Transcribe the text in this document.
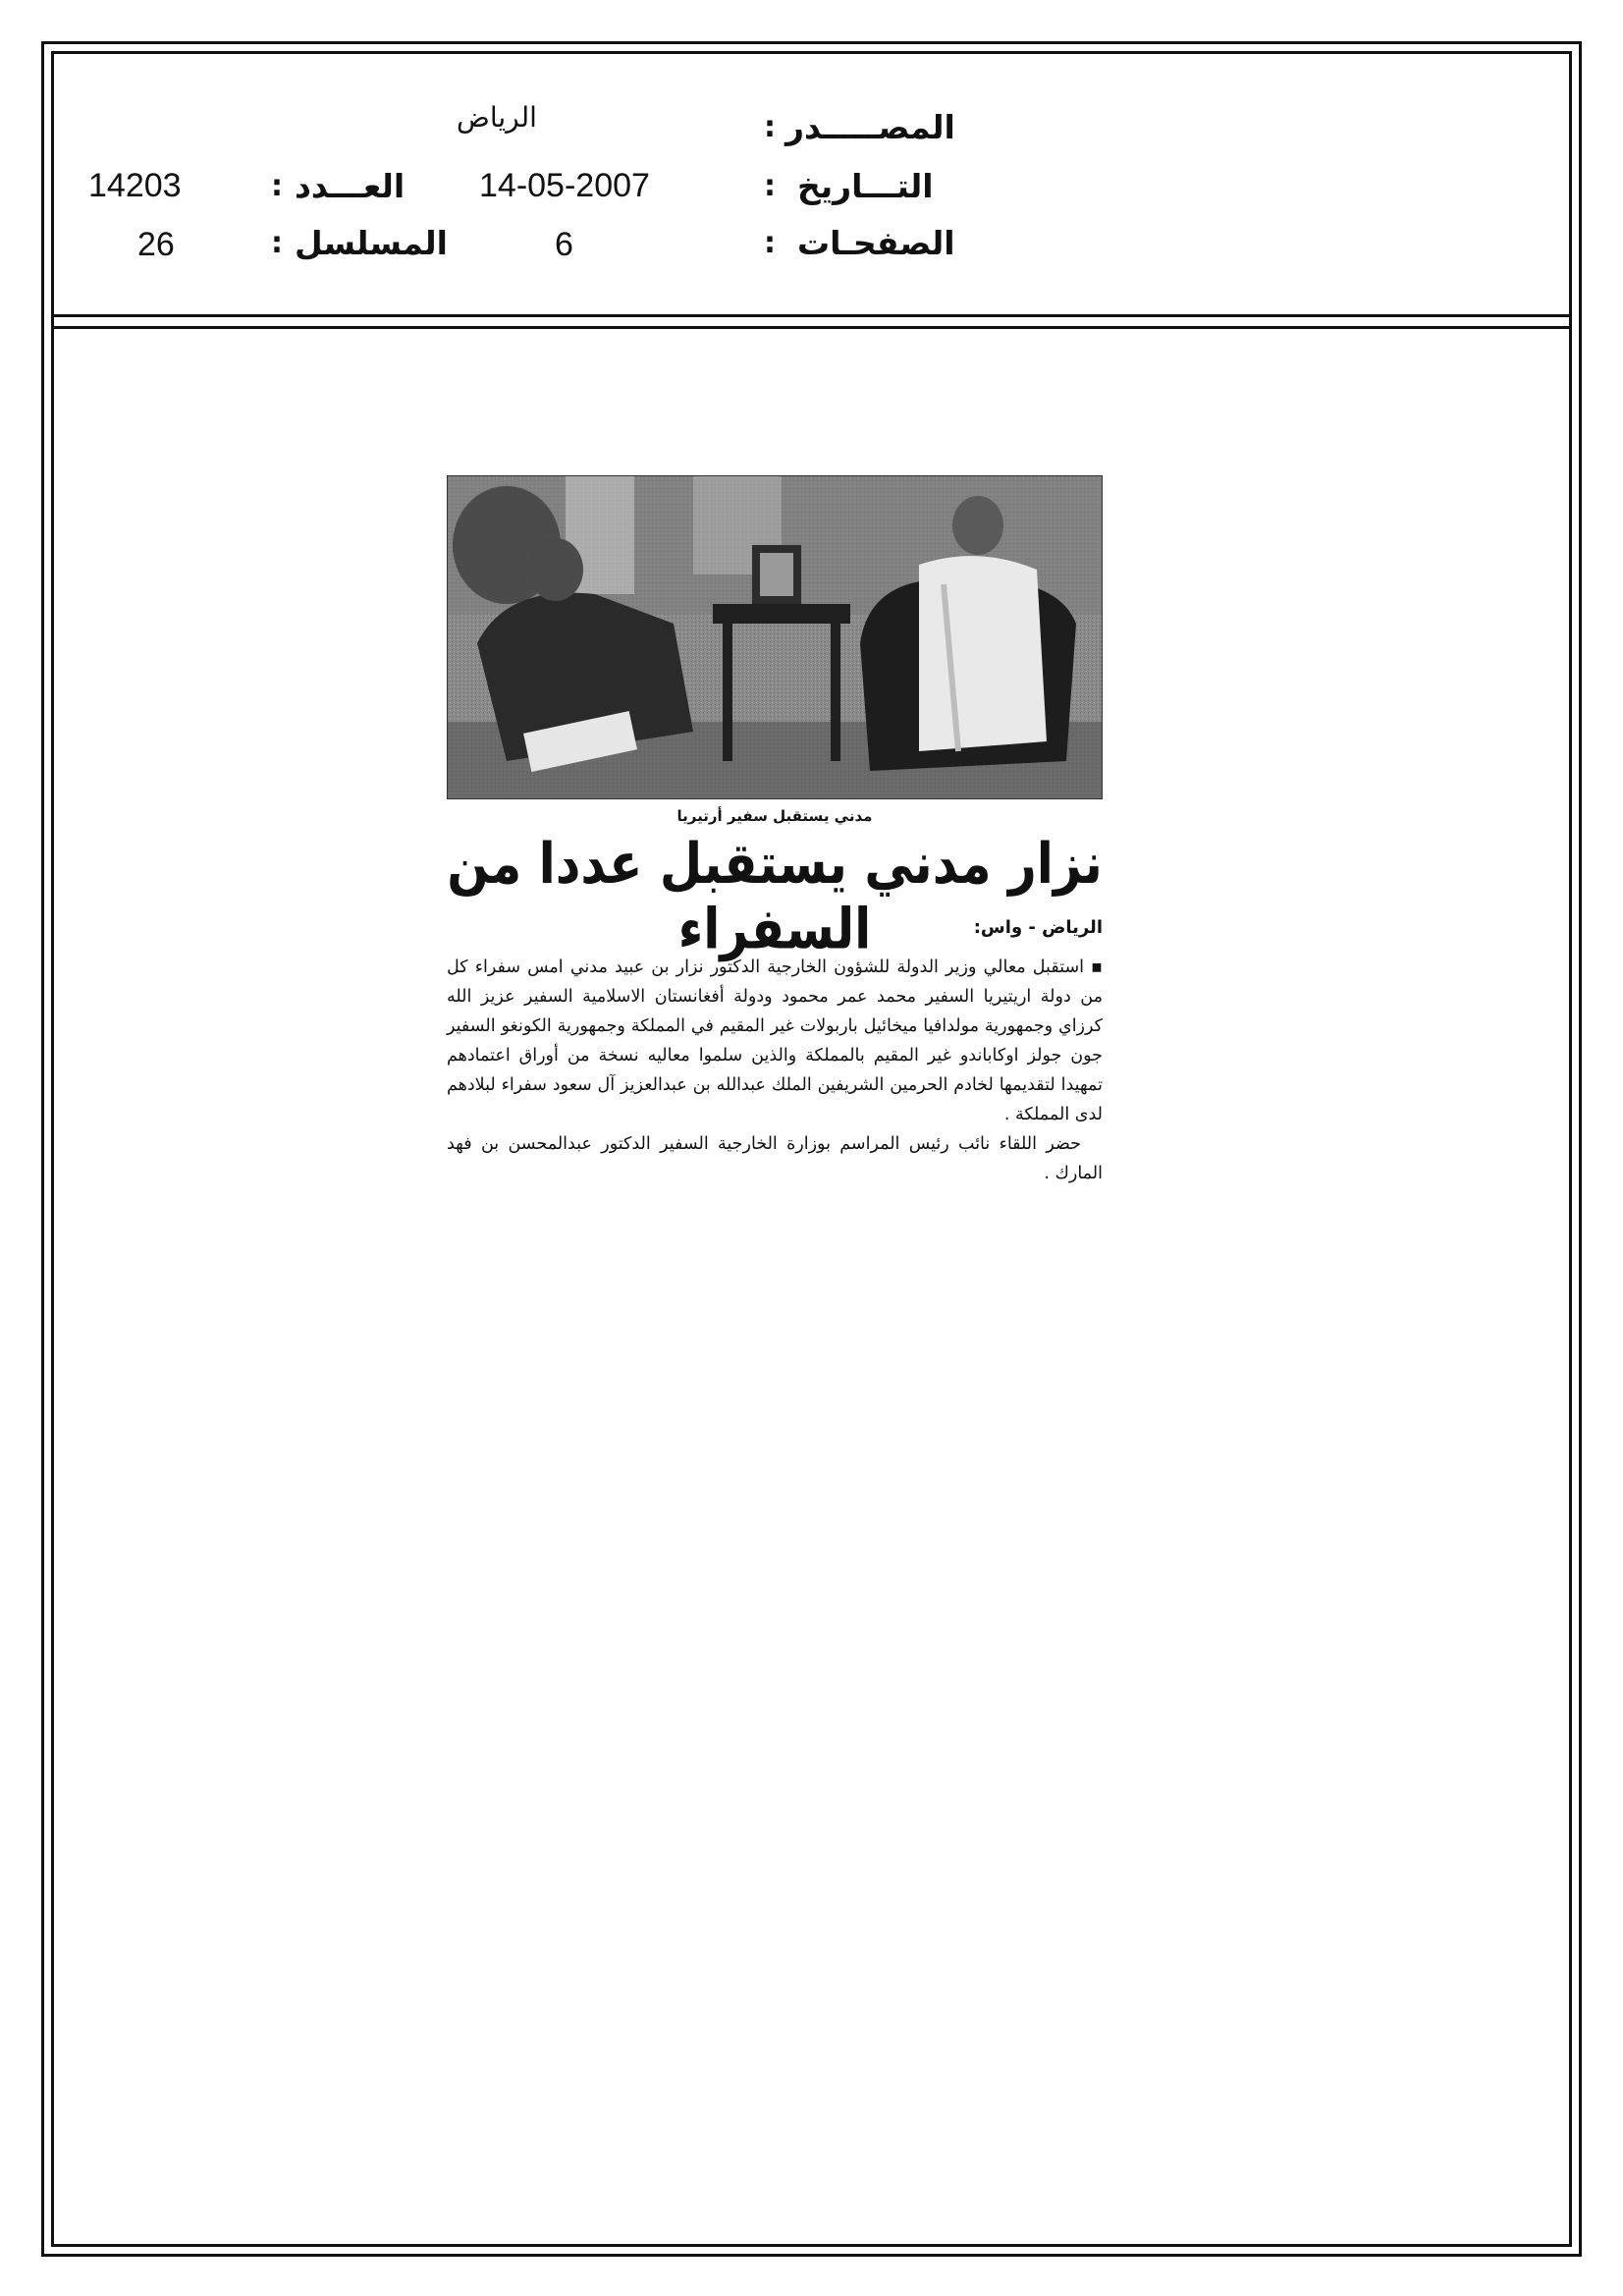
المصـــــدر
:
الرياض
التـــاريخ
:
14-05-2007
العـــدد
:
14203
الصفحـات
:
6
المسلسل
:
26
مدني يستقبل سفير أرتيريا
نزار مدني يستقبل عددا من السفراء	الرياض - واس:

▪ استقبل معالي وزير الدولة للشؤون الخارجية الدكتور نزار بن عبيد مدني امس سفراء كل من دولة اريتيريا السفير محمد عمر محمود ودولة أفغانستان الاسلامية السفير عزيز الله كرزاي وجمهورية مولدافيا ميخائيل باربولات غير المقيم في المملكة وجمهورية الكونغو السفير جون جولز اوكاباندو غير المقيم بالمملكة والذين سلموا معاليه نسخة من أوراق اعتمادهم تمهيدا لتقديمها لخادم الحرمين الشريفين الملك عبدالله بن عبدالعزيز آل سعود سفراء لبلادهم لدى المملكة .

حضر اللقاء نائب رئيس المراسم بوزارة الخارجية السفير الدكتور عبدالمحسن بن فهد المارك .
